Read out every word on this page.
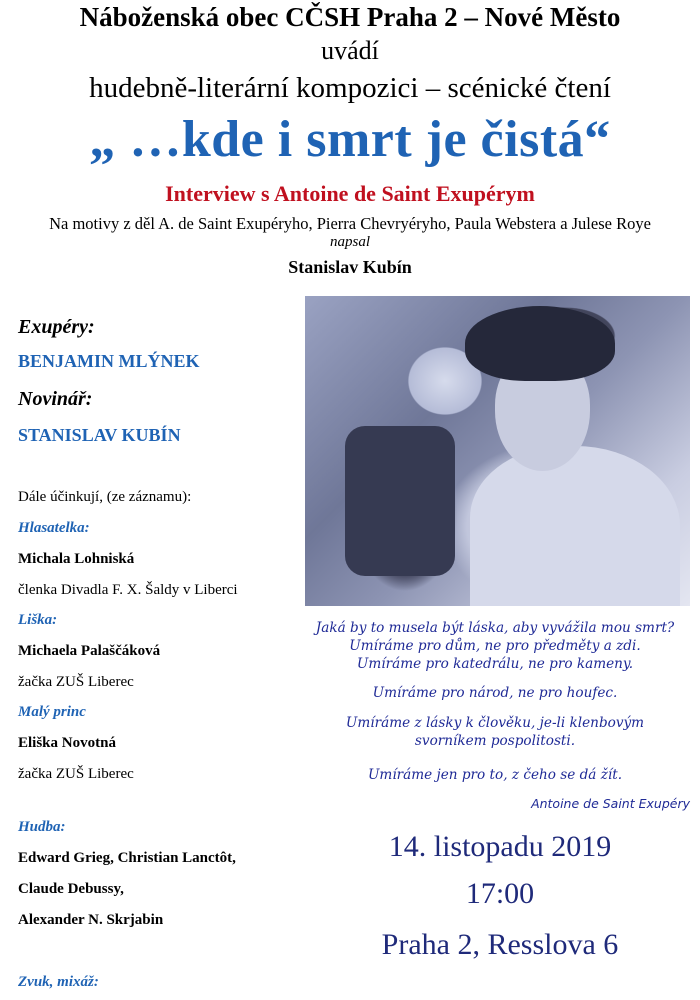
Náboženská obec CČSH Praha 2 – Nové Město
uvádí
hudebně-literární kompozici – scénické čtení
„ …kde i smrt je čistá“
Interview s Antoine de Saint Exupérym
Na motivy z děl A. de Saint Exupéryho, Pierra Chevryéryho, Paula Webstera a Julese Roye
napsal
Stanislav Kubín
Exupéry:
BENJAMIN MLÝNEK
Novinář:
STANISLAV KUBÍN
Dále účinkují, (ze záznamu):
Hlasatelka:
Michala Lohniská
členka Divadla F. X. Šaldy v Liberci
Liška:
Michaela Palaščáková
žačka ZUŠ Liberec
Malý princ
Eliška Novotná
žačka ZUŠ Liberec
Hudba:
Edward Grieg, Christian Lanctôt,
Claude Debussy,
Alexander N. Skrjabin
Zvuk, mixáž:
Jaká by to musela být láska, aby vyvážila mou smrt?
Umíráme pro dům, ne pro předměty a zdi.
Umíráme pro katedrálu, ne pro kameny.
Umíráme pro národ, ne pro houfec.
Umíráme z lásky k člověku, je-li klenbovým
svorníkem pospolitosti.
Umíráme jen pro to, z čeho se dá žít.
Antoine de Saint Exupéry
14. listopadu 2019
17:00
Praha 2, Resslova 6
